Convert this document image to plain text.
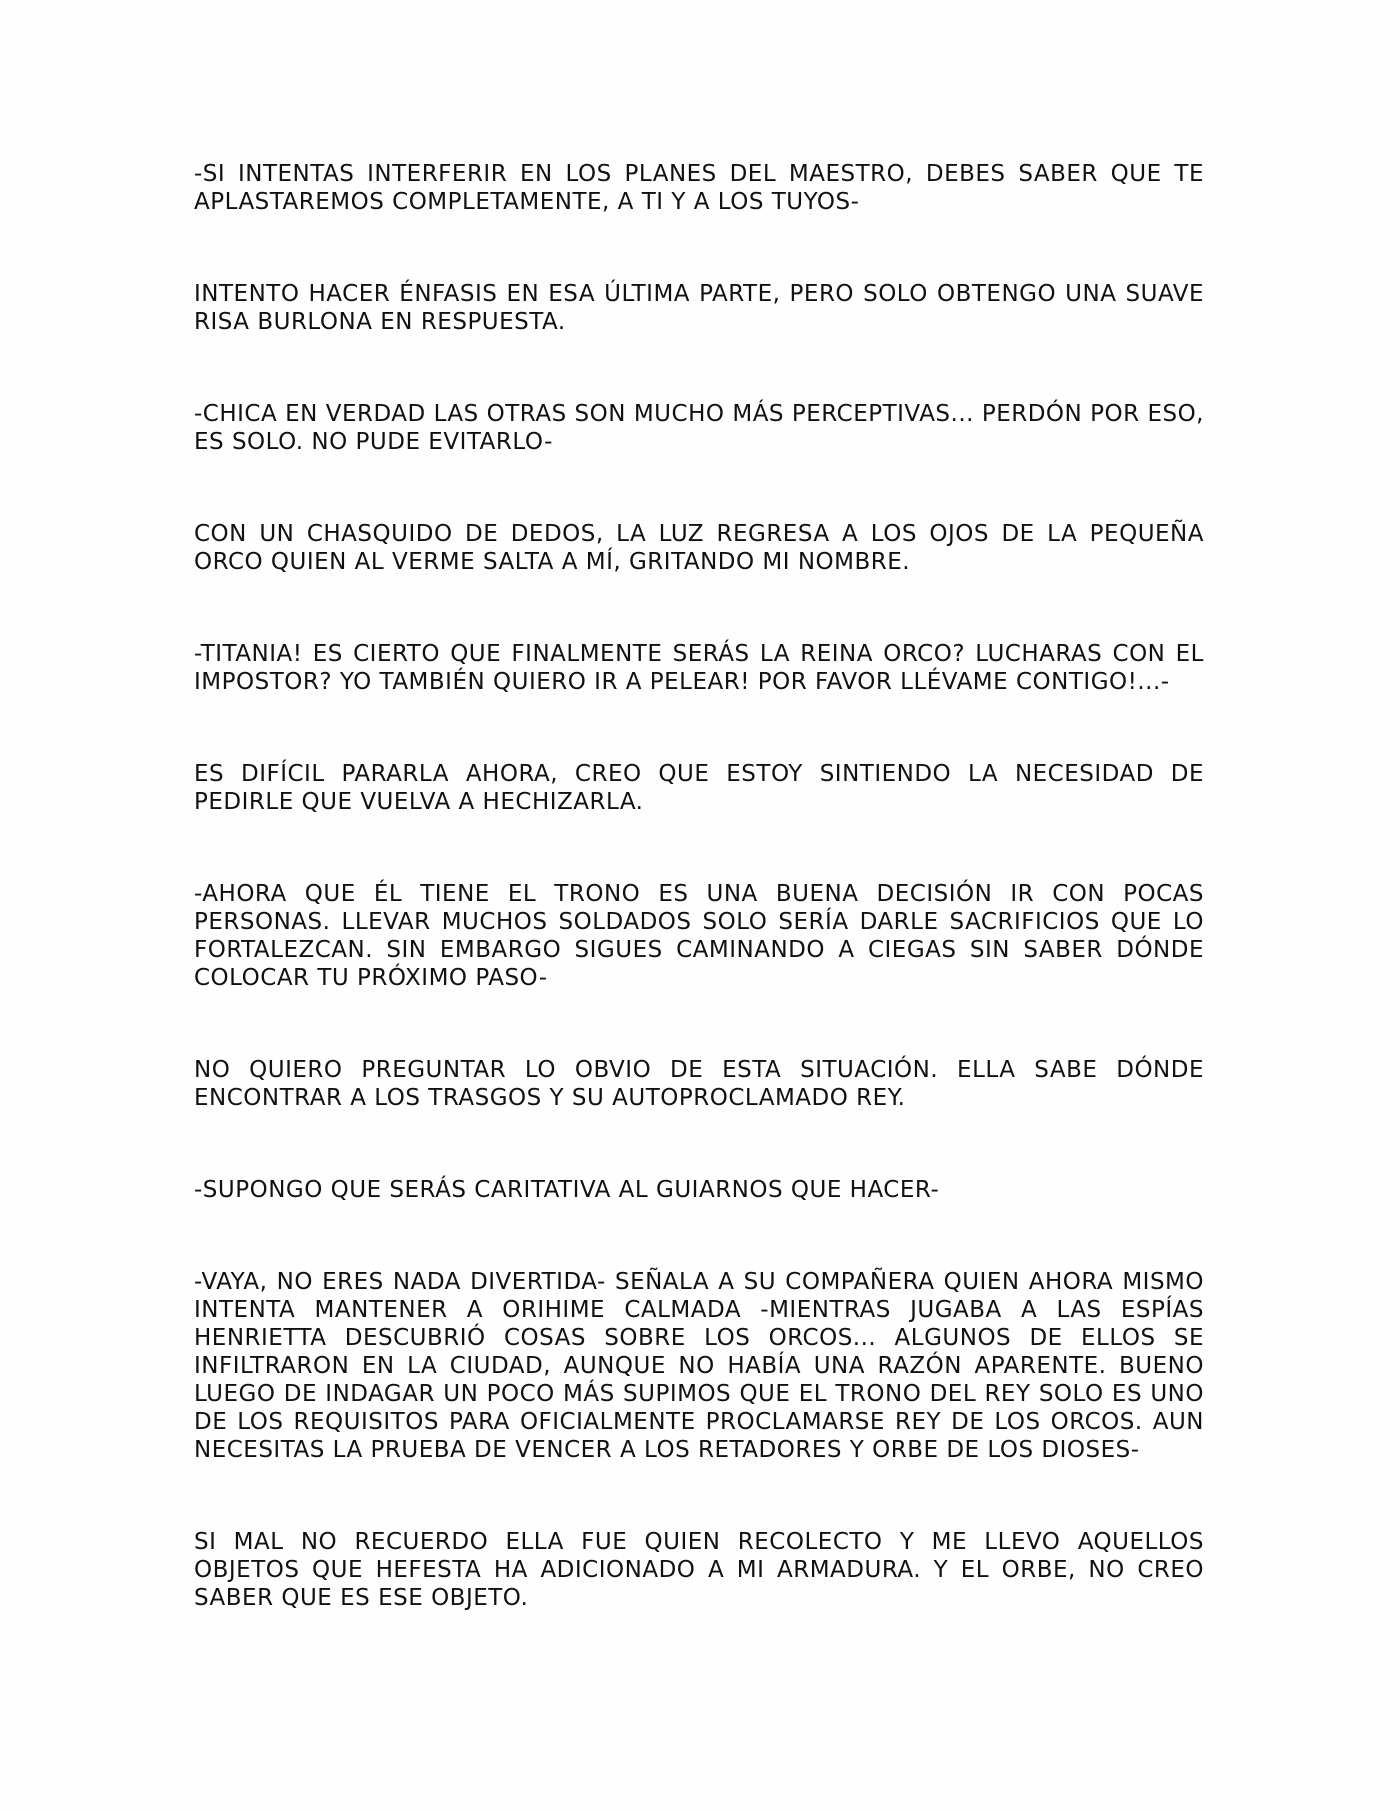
-SI INTENTAS INTERFERIR EN LOS PLANES DEL MAESTRO, DEBES SABER QUE TE APLASTAREMOS COMPLETAMENTE, A TI Y A LOS TUYOS-

INTENTO HACER ÉNFASIS EN ESA ÚLTIMA PARTE, PERO SOLO OBTENGO UNA SUAVE RISA BURLONA EN RESPUESTA.

-CHICA EN VERDAD LAS OTRAS SON MUCHO MÁS PERCEPTIVAS... PERDÓN POR ESO, ES SOLO. NO PUDE EVITARLO-

CON UN CHASQUIDO DE DEDOS, LA LUZ REGRESA A LOS OJOS DE LA PEQUEÑA ORCO QUIEN AL VERME SALTA A MÍ, GRITANDO MI NOMBRE.

-TITANIA! ES CIERTO QUE FINALMENTE SERÁS LA REINA ORCO? LUCHARAS CON EL IMPOSTOR? YO TAMBIÉN QUIERO IR A PELEAR! POR FAVOR LLÉVAME CONTIGO!...-

ES DIFÍCIL PARARLA AHORA, CREO QUE ESTOY SINTIENDO LA NECESIDAD DE PEDIRLE QUE VUELVA A HECHIZARLA.

-AHORA QUE ÉL TIENE EL TRONO ES UNA BUENA DECISIÓN IR CON POCAS PERSONAS. LLEVAR MUCHOS SOLDADOS SOLO SERÍA DARLE SACRIFICIOS QUE LO FORTALEZCAN. SIN EMBARGO SIGUES CAMINANDO A CIEGAS SIN SABER DÓNDE COLOCAR TU PRÓXIMO PASO-

NO QUIERO PREGUNTAR LO OBVIO DE ESTA SITUACIÓN. ELLA SABE DÓNDE ENCONTRAR A LOS TRASGOS Y SU AUTOPROCLAMADO REY.

-SUPONGO QUE SERÁS CARITATIVA AL GUIARNOS QUE HACER-

-VAYA, NO ERES NADA DIVERTIDA- SEÑALA A SU COMPAÑERA QUIEN AHORA MISMO INTENTA MANTENER A ORIHIME CALMADA -MIENTRAS JUGABA A LAS ESPÍAS HENRIETTA DESCUBRIÓ COSAS SOBRE LOS ORCOS... ALGUNOS DE ELLOS SE INFILTRARON EN LA CIUDAD, AUNQUE NO HABÍA UNA RAZÓN APARENTE. BUENO LUEGO DE INDAGAR UN POCO MÁS SUPIMOS QUE EL TRONO DEL REY SOLO ES UNO DE LOS REQUISITOS PARA OFICIALMENTE PROCLAMARSE REY DE LOS ORCOS. AUN NECESITAS LA PRUEBA DE VENCER A LOS RETADORES Y ORBE DE LOS DIOSES-

SI MAL NO RECUERDO ELLA FUE QUIEN RECOLECTO Y ME LLEVO AQUELLOS OBJETOS QUE HEFESTA HA ADICIONADO A MI ARMADURA. Y EL ORBE, NO CREO SABER QUE ES ESE OBJETO.
